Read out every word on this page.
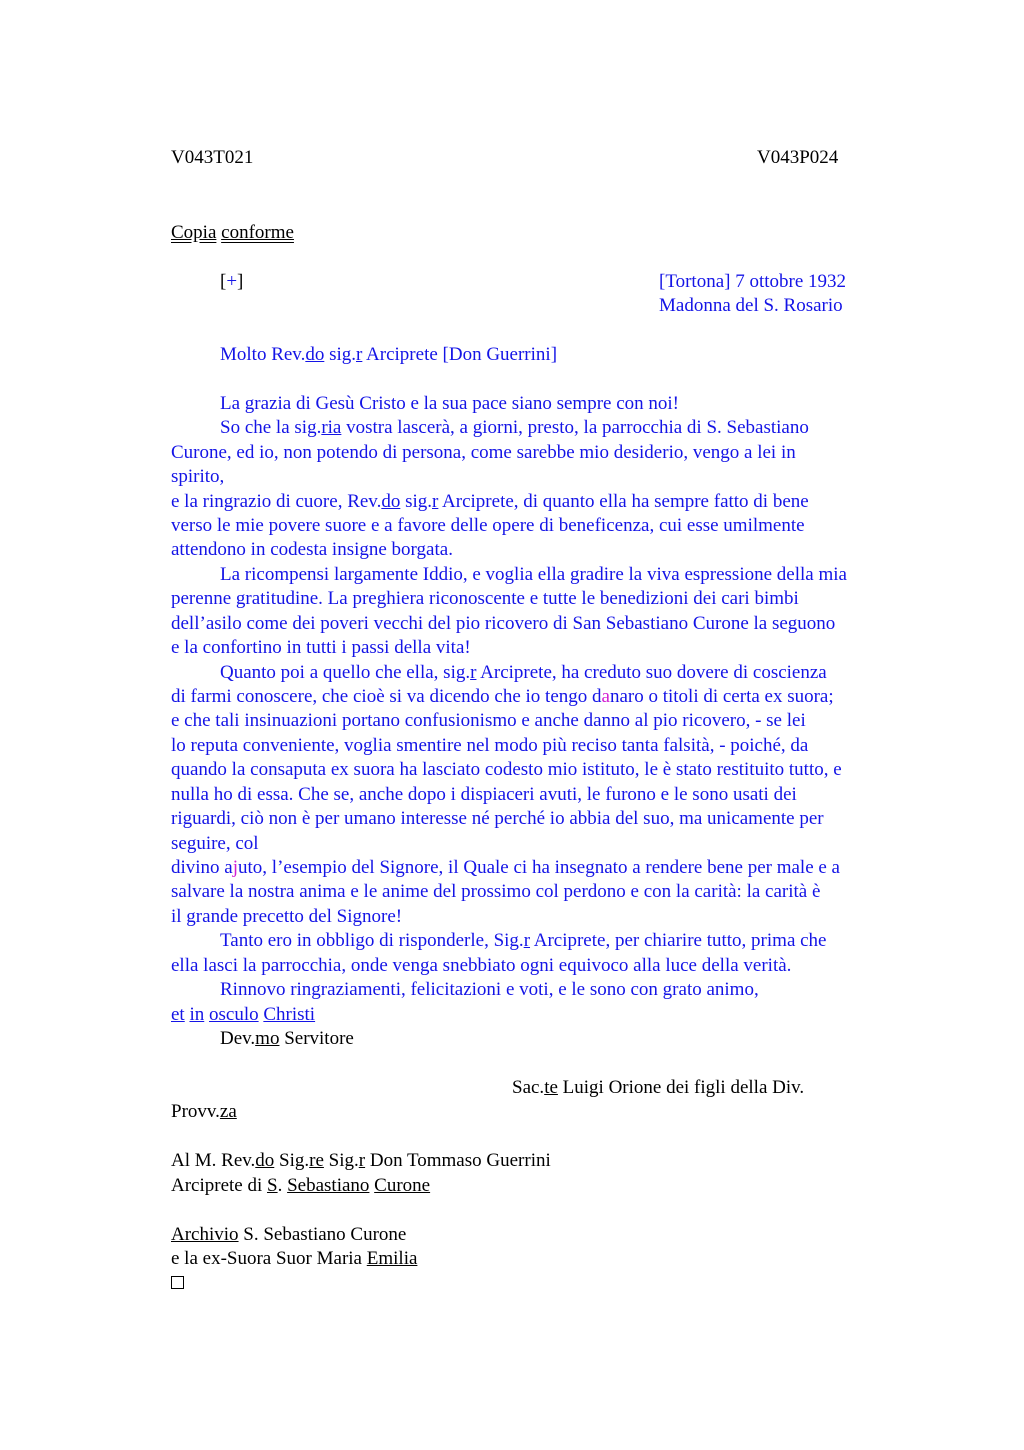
V043T021	V043P024
Copia conforme
[+]	[Tortona] 7 ottobre 1932
Madonna del S. Rosario
Molto Rev.do sig.r Arciprete [Don Guerrini]
La grazia di Gesù Cristo e la sua pace siano sempre con noi!
So che la sig.ria vostra lascerà, a giorni, presto, la parrocchia di S. Sebastiano
Curone, ed io, non potendo di persona, come sarebbe mio desiderio, vengo a lei in
spirito,
e la ringrazio di cuore, Rev.do sig.r Arciprete, di quanto ella ha sempre fatto di bene
verso le mie povere suore e a favore delle opere di beneficenza, cui esse umilmente
attendono in codesta insigne borgata.
La ricompensi largamente Iddio, e voglia ella gradire la viva espressione della mia
perenne gratitudine. La preghiera riconoscente e tutte le benedizioni dei cari bimbi
dell’asilo come dei poveri vecchi del pio ricovero di San Sebastiano Curone la seguono
e la confortino in tutti i passi della vita!
Quanto poi a quello che ella, sig.r Arciprete, ha creduto suo dovere di coscienza
di farmi conoscere, che cioè si va dicendo che io tengo danaro o titoli di certa ex suora;
e che tali insinuazioni portano confusionismo e anche danno al pio ricovero, - se lei
lo reputa conveniente, voglia smentire nel modo più reciso tanta falsità, - poiché, da
quando la consaputa ex suora ha lasciato codesto mio istituto, le è stato restituito tutto, e
nulla ho di essa. Che se, anche dopo i dispiaceri avuti, le furono e le sono usati dei
riguardi, ciò non è per umano interesse né perché io abbia del suo, ma unicamente per
seguire, col
divino ajuto, l’esempio del Signore, il Quale ci ha insegnato a rendere bene per male e a
salvare la nostra anima e le anime del prossimo col perdono e con la carità: la carità è
il grande precetto del Signore!
Tanto ero in obbligo di risponderle, Sig.r Arciprete, per chiarire tutto, prima che
ella lasci la parrocchia, onde venga snebbiato ogni equivoco alla luce della verità.
Rinnovo ringraziamenti, felicitazioni e voti, e le sono con grato animo,
et in osculo Christi
Dev.mo Servitore
Sac.te Luigi Orione dei figli della Div.
Provv.za
Al M. Rev.do Sig.re Sig.r Don Tommaso Guerrini
Arciprete di S. Sebastiano Curone
Archivio S. Sebastiano Curone
e la ex-Suora Suor Maria Emilia
